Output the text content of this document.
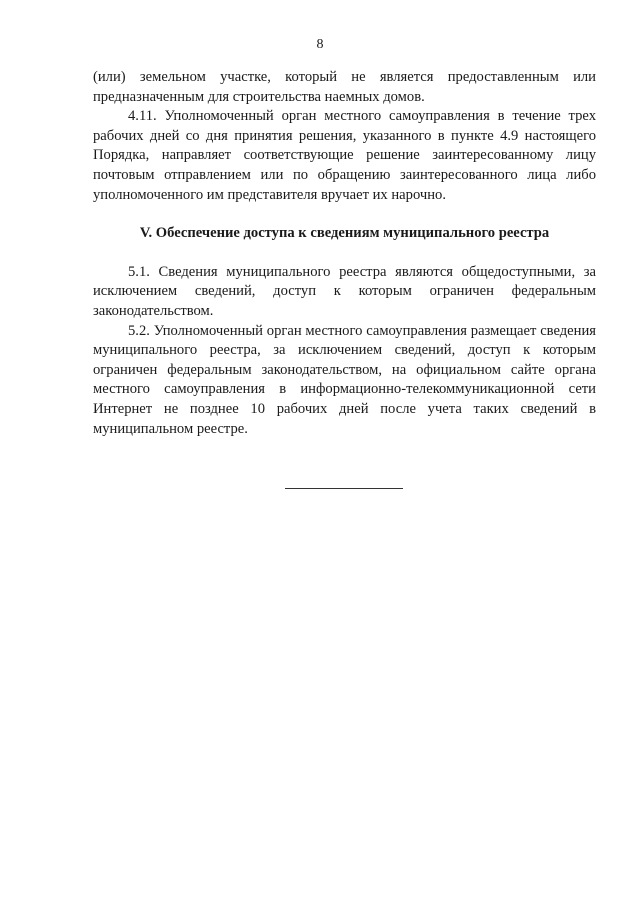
8

(или) земельном участке, который не является предоставленным или предназначенным для строительства наемных домов.

4.11. Уполномоченный орган местного самоуправления в течение трех рабочих дней со дня принятия решения, указанного в пункте 4.9 настоящего Порядка, направляет соответствующие решение заинтересованному лицу почтовым отправлением или по обращению заинтересованного лица либо уполномоченного им представителя вручает их нарочно.

V. Обеспечение доступа к сведениям муниципального реестра

5.1. Сведения муниципального реестра являются общедоступными, за исключением сведений, доступ к которым ограничен федеральным законодательством.

5.2. Уполномоченный орган местного самоуправления размещает сведения муниципального реестра, за исключением сведений, доступ к которым ограничен федеральным законодательством, на официальном сайте органа местного самоуправления в информационно-телекоммуникационной сети Интернет не позднее 10 рабочих дней после учета таких сведений в муниципальном реестре.
